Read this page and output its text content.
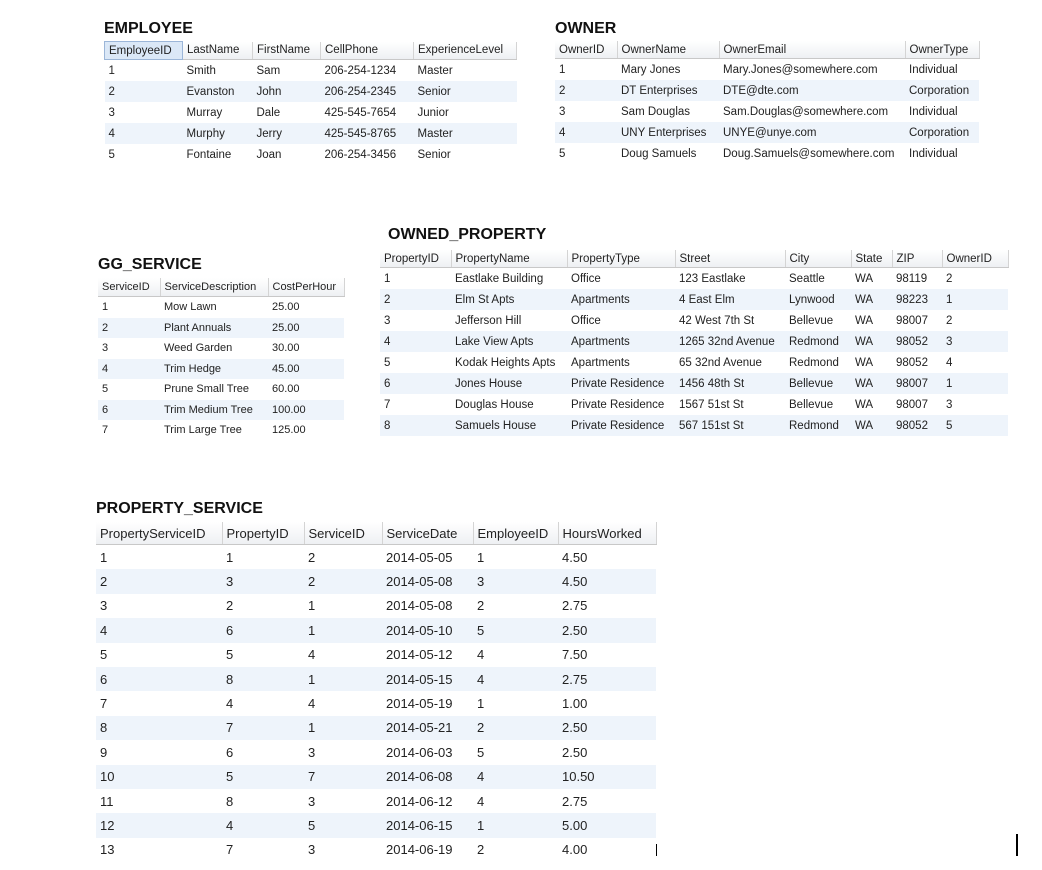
EMPLOYEE
EmployeeID	LastName	FirstName	CellPhone	ExperienceLevel
1	Smith	Sam	206-254-1234	Master
2	Evanston	John	206-254-2345	Senior
3	Murray	Dale	425-545-7654	Junior
4	Murphy	Jerry	425-545-8765	Master
5	Fontaine	Joan	206-254-3456	Senior
OWNER
OwnerID	OwnerName	OwnerEmail	OwnerType
1	Mary Jones	Mary.Jones@somewhere.com	Individual
2	DT Enterprises	DTE@dte.com	Corporation
3	Sam Douglas	Sam.Douglas@somewhere.com	Individual
4	UNY Enterprises	UNYE@unye.com	Corporation
5	Doug Samuels	Doug.Samuels@somewhere.com	Individual
OWNED_PROPERTY
PropertyID	PropertyName	PropertyType	Street	City	State	ZIP	OwnerID
1	Eastlake Building	Office	123 Eastlake	Seattle	WA	98119	2
2	Elm St Apts	Apartments	4 East Elm	Lynwood	WA	98223	1
3	Jefferson Hill	Office	42 West 7th St	Bellevue	WA	98007	2
4	Lake View Apts	Apartments	1265 32nd Avenue	Redmond	WA	98052	3
5	Kodak Heights Apts	Apartments	65 32nd Avenue	Redmond	WA	98052	4
6	Jones House	Private Residence	1456 48th St	Bellevue	WA	98007	1
7	Douglas House	Private Residence	1567 51st St	Bellevue	WA	98007	3
8	Samuels House	Private Residence	567 151st St	Redmond	WA	98052	5
GG_SERVICE
ServiceID	ServiceDescription	CostPerHour
1	Mow Lawn	25.00
2	Plant Annuals	25.00
3	Weed Garden	30.00
4	Trim Hedge	45.00
5	Prune Small Tree	60.00
6	Trim Medium Tree	100.00
7	Trim Large Tree	125.00
PROPERTY_SERVICE
PropertyServiceID	PropertyID	ServiceID	ServiceDate	EmployeeID	HoursWorked
1	1	2	2014-05-05	1	4.50
2	3	2	2014-05-08	3	4.50
3	2	1	2014-05-08	2	2.75
4	6	1	2014-05-10	5	2.50
5	5	4	2014-05-12	4	7.50
6	8	1	2014-05-15	4	2.75
7	4	4	2014-05-19	1	1.00
8	7	1	2014-05-21	2	2.50
9	6	3	2014-06-03	5	2.50
10	5	7	2014-06-08	4	10.50
11	8	3	2014-06-12	4	2.75
12	4	5	2014-06-15	1	5.00
13	7	3	2014-06-19	2	4.00
